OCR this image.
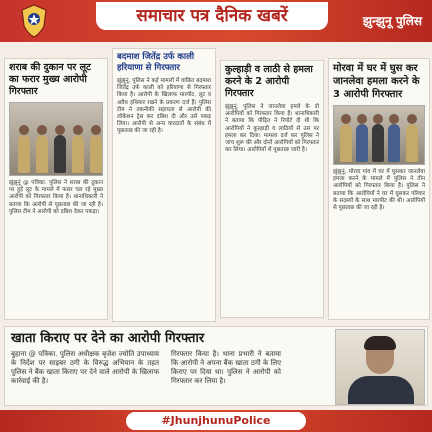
समाचार पत्र दैनिक खबरें	झुन्झुनू पुलिस
शराब की दुकान पर लूट का फरार मुख्य आरोपी गिरफ्तार
झुंझुनूं @ पत्रिका. पुलिस ने शराब की दुकान पर हुई लूट के मामले में फरार चल रहे मुख्य आरोपी को गिरफ्तार किया है। थानाधिकारी ने बताया कि आरोपी से पूछताछ की जा रही है। पुलिस टीम ने आरोपी को दबिश देकर पकड़ा।
बदमाश जितेंद्र उर्फ काली हरियाणा से गिरफ्तार
झुंझुनूं. पुलिस ने कई मामलों में वांछित बदमाश जितेंद्र उर्फ काली को हरियाणा से गिरफ्तार किया है। आरोपी के खिलाफ मारपीट, लूट व अवैध हथियार रखने के प्रकरण दर्ज हैं। पुलिस टीम ने तकनीकी सहायता से आरोपी की लोकेशन ट्रेस कर दबिश दी और उसे पकड़ लिया। आरोपी से अन्य वारदातों के संबंध में पूछताछ की जा रही है।
कुल्हाड़ी व लाठी से हमला करने के 2 आरोपी गिरफ्तार
झुंझुनूं. पुलिस ने जानलेवा हमले के दो आरोपियों को गिरफ्तार किया है। थानाधिकारी ने बताया कि पीड़ित ने रिपोर्ट दी थी कि आरोपियों ने कुल्हाड़ी व लाठियों से उस पर हमला कर दिया। मामला दर्ज कर पुलिस ने जांच शुरू की और दोनों आरोपियों को गिरफ्तार कर लिया। आरोपियों से पूछताछ जारी है।
मोरवा में घर में घुस कर जानलेवा हमला करने के 3 आरोपी गिरफ्तार
झुंझुनूं. मोरवा गांव में घर में घुसकर जानलेवा हमला करने के मामले में पुलिस ने तीन आरोपियों को गिरफ्तार किया है। पुलिस ने बताया कि आरोपियों ने घर में घुसकर परिवार के सदस्यों के साथ मारपीट की थी। आरोपियों से पूछताछ की जा रही है।
खाता किराए पर देने का आरोपी गिरफ्तार
बुहाना @ पत्रिका. पुलिस अधीक्षक बृजेश ज्योति उपाध्याय के निर्देश पर साइबर ठगी के विरुद्ध अभियान के तहत पुलिस ने बैंक खाता किराए पर देने वाले आरोपी के खिलाफ कार्रवाई की है।
गिरफ्तार किया है। थाना प्रभारी ने बताया कि आरोपी ने अपना बैंक खाता ठगी के लिए किराए पर दिया था। पुलिस ने आरोपी को गिरफ्तार कर लिया है।
#JhunjhunuPolice
